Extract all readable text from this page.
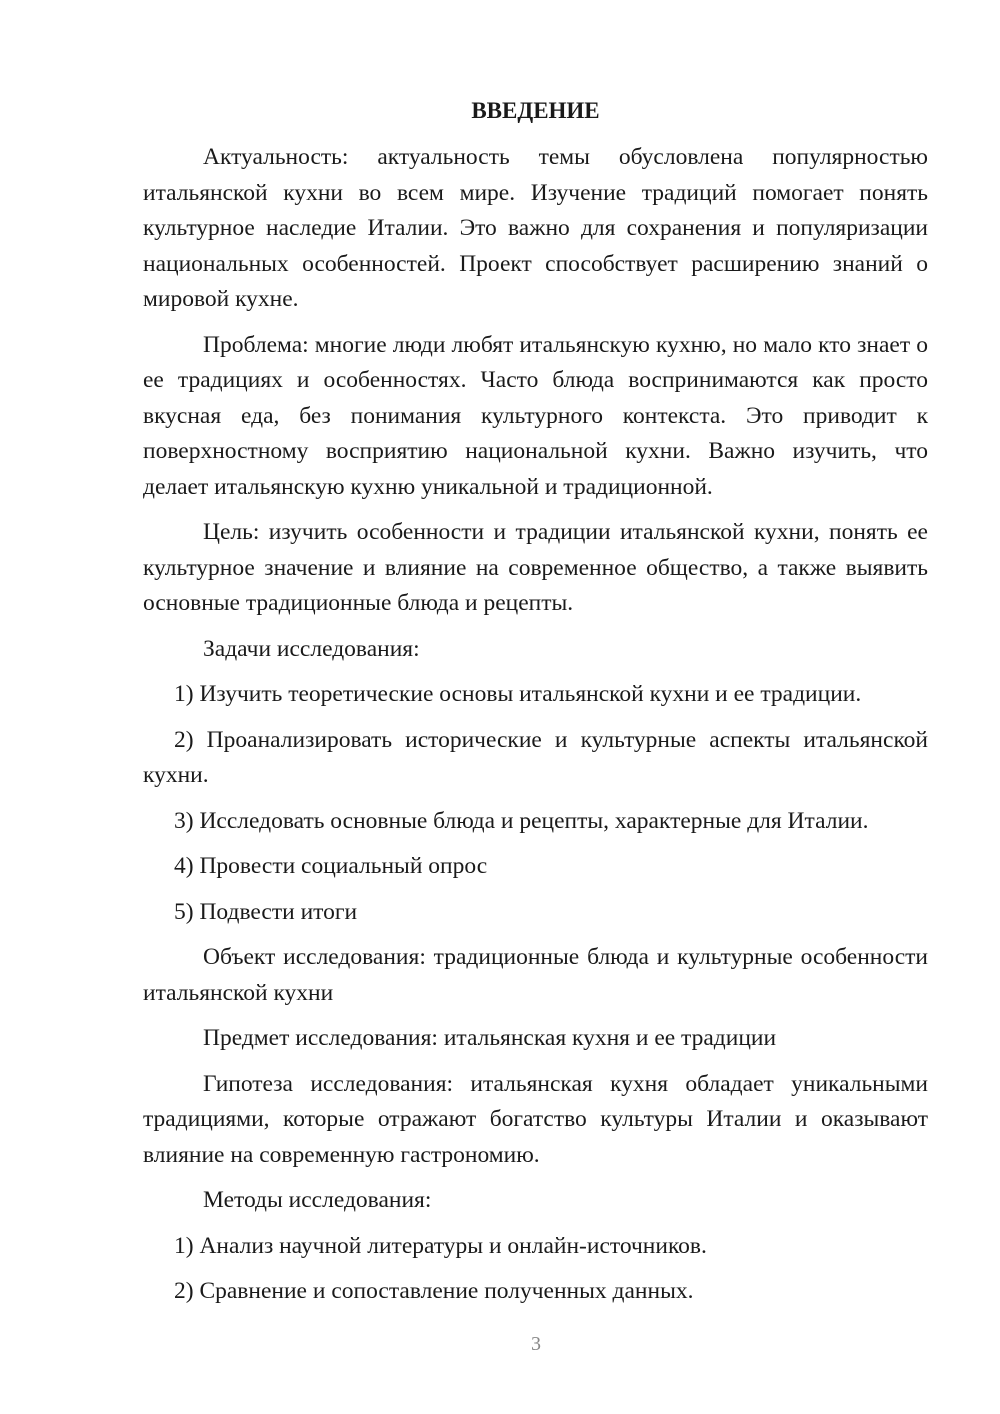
ВВЕДЕНИЕ

Актуальность: актуальность темы обусловлена популярностью итальянской кухни во всем мире. Изучение традиций помогает понять культурное наследие Италии. Это важно для сохранения и популяризации национальных особенностей. Проект способствует расширению знаний о мировой кухне.

Проблема: многие люди любят итальянскую кухню, но мало кто знает о ее традициях и особенностях. Часто блюда воспринимаются как просто вкусная еда, без понимания культурного контекста. Это приводит к поверхностному восприятию национальной кухни. Важно изучить, что делает итальянскую кухню уникальной и традиционной.

Цель: изучить особенности и традиции итальянской кухни, понять ее культурное значение и влияние на современное общество, а также выявить основные традиционные блюда и рецепты.

Задачи исследования:

1) Изучить теоретические основы итальянской кухни и ее традиции.

2) Проанализировать исторические и культурные аспекты итальянской кухни.

3) Исследовать основные блюда и рецепты, характерные для Италии.

4) Провести социальный опрос

5) Подвести итоги

Объект исследования: традиционные блюда и культурные особенности итальянской кухни

Предмет исследования: итальянская кухня и ее традиции

Гипотеза исследования: итальянская кухня обладает уникальными традициями, которые отражают богатство культуры Италии и оказывают влияние на современную гастрономию.

Методы исследования:

1) Анализ научной литературы и онлайн-источников.

2) Сравнение и сопоставление полученных данных.

3
